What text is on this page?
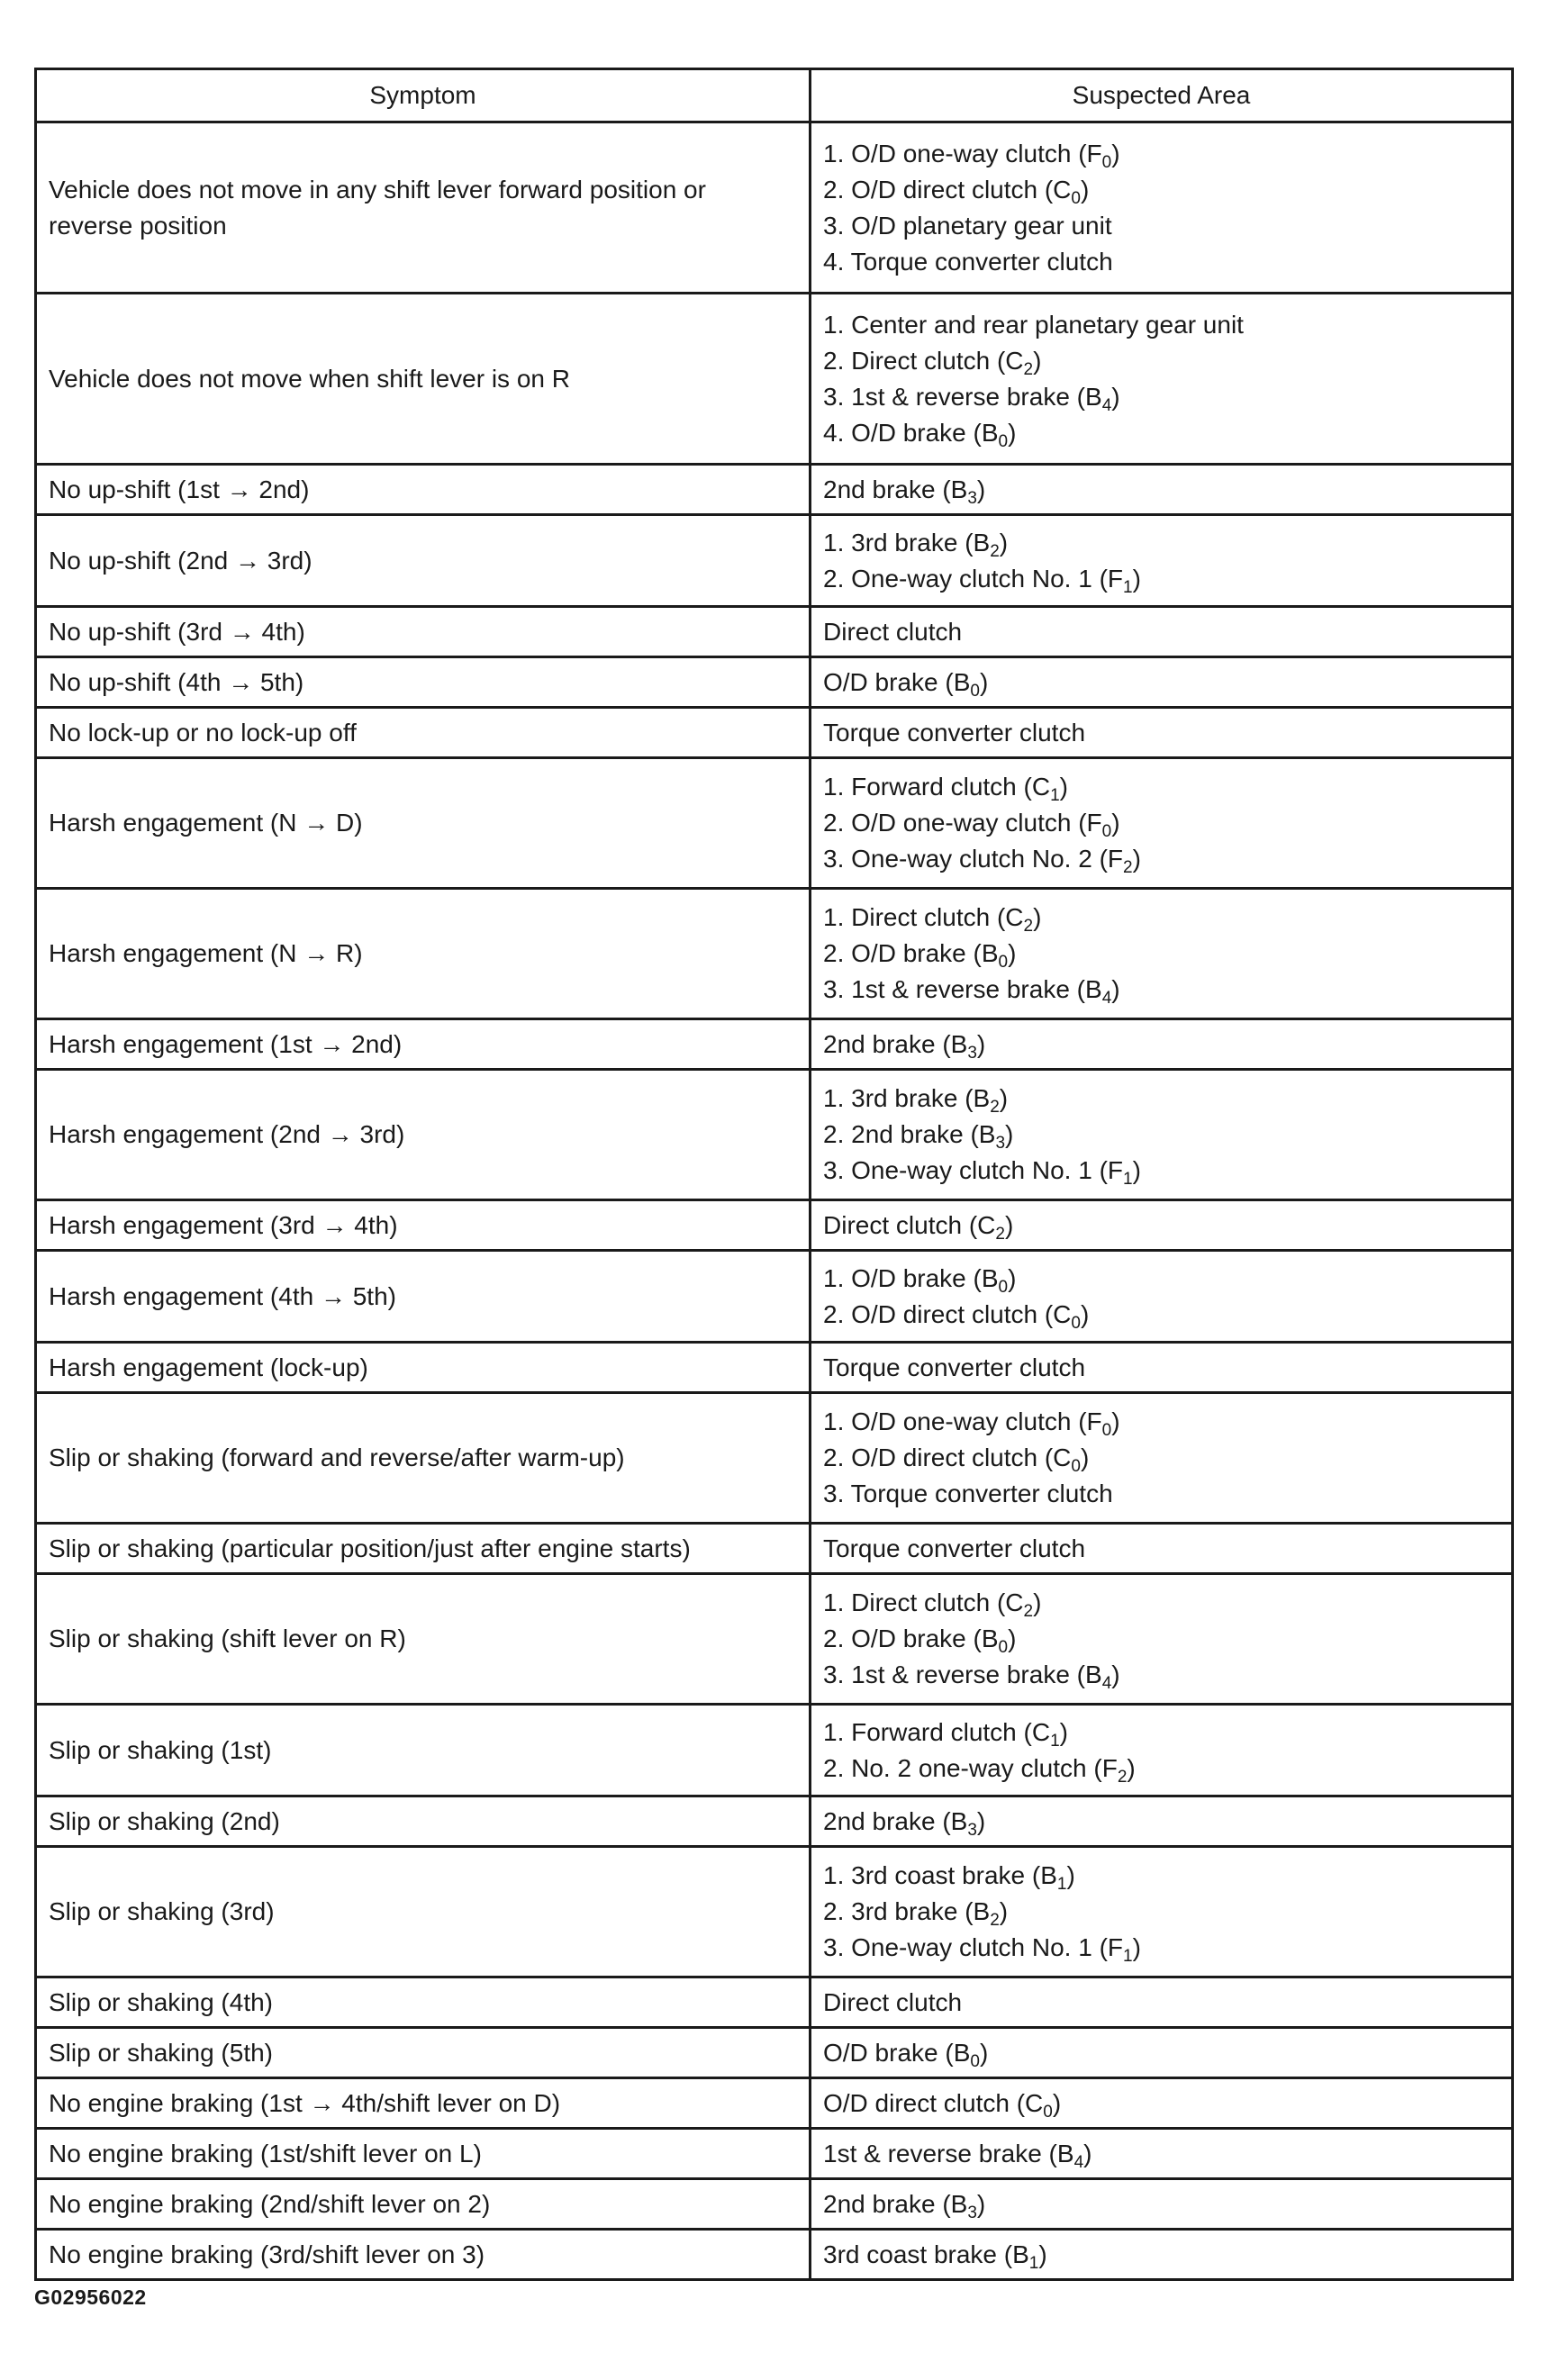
Symptom	Suspected Area

Vehicle does not move in any shift lever forward position or
reverse position	1. O/D one-way clutch $(F_0)$
2. O/D direct clutch $(C_0)$
3. O/D planetary gear unit
4. Torque converter clutch

Vehicle does not move when shift lever is on R	1. Center and rear planetary gear unit
2. Direct clutch $(C_2)$
3. 1st & reverse brake $(B_4)$
4. O/D brake $(B_0)$

No up-shift (1st → 2nd)	2nd brake $(B_3)$

No up-shift (2nd → 3rd)	1. 3rd brake $(B_2)$
2. One-way clutch No. 1 $(F_1)$

No up-shift (3rd → 4th)	Direct clutch

No up-shift (4th → 5th)	O/D brake $(B_0)$

No lock-up or no lock-up off	Torque converter clutch

Harsh engagement (N → D)	1. Forward clutch $(C_1)$
2. O/D one-way clutch $(F_0)$
3. One-way clutch No. 2 $(F_2)$

Harsh engagement (N → R)	1. Direct clutch $(C_2)$
2. O/D brake $(B_0)$
3. 1st & reverse brake $(B_4)$

Harsh engagement (1st → 2nd)	2nd brake $(B_3)$

Harsh engagement (2nd → 3rd)	1. 3rd brake $(B_2)$
2. 2nd brake $(B_3)$
3. One-way clutch No. 1 $(F_1)$

Harsh engagement (3rd → 4th)	Direct clutch $(C_2)$

Harsh engagement (4th → 5th)	1. O/D brake $(B_0)$
2. O/D direct clutch $(C_0)$

Harsh engagement (lock-up)	Torque converter clutch

Slip or shaking (forward and reverse/after warm-up)	1. O/D one-way clutch $(F_0)$
2. O/D direct clutch $(C_0)$
3. Torque converter clutch

Slip or shaking (particular position/just after engine starts)	Torque converter clutch

Slip or shaking (shift lever on R)	1. Direct clutch $(C_2)$
2. O/D brake $(B_0)$
3. 1st & reverse brake $(B_4)$

Slip or shaking (1st)	1. Forward clutch $(C_1)$
2. No. 2 one-way clutch $(F_2)$

Slip or shaking (2nd)	2nd brake $(B_3)$

Slip or shaking (3rd)	1. 3rd coast brake $(B_1)$
2. 3rd brake $(B_2)$
3. One-way clutch No. 1 $(F_1)$

Slip or shaking (4th)	Direct clutch

Slip or shaking (5th)	O/D brake $(B_0)$

No engine braking (1st → 4th/shift lever on D)	O/D direct clutch $(C_0)$

No engine braking (1st/shift lever on L)	1st & reverse brake $(B_4)$

No engine braking (2nd/shift lever on 2)	2nd brake $(B_3)$

No engine braking (3rd/shift lever on 3)	3rd coast brake $(B_1)$
G02956022
